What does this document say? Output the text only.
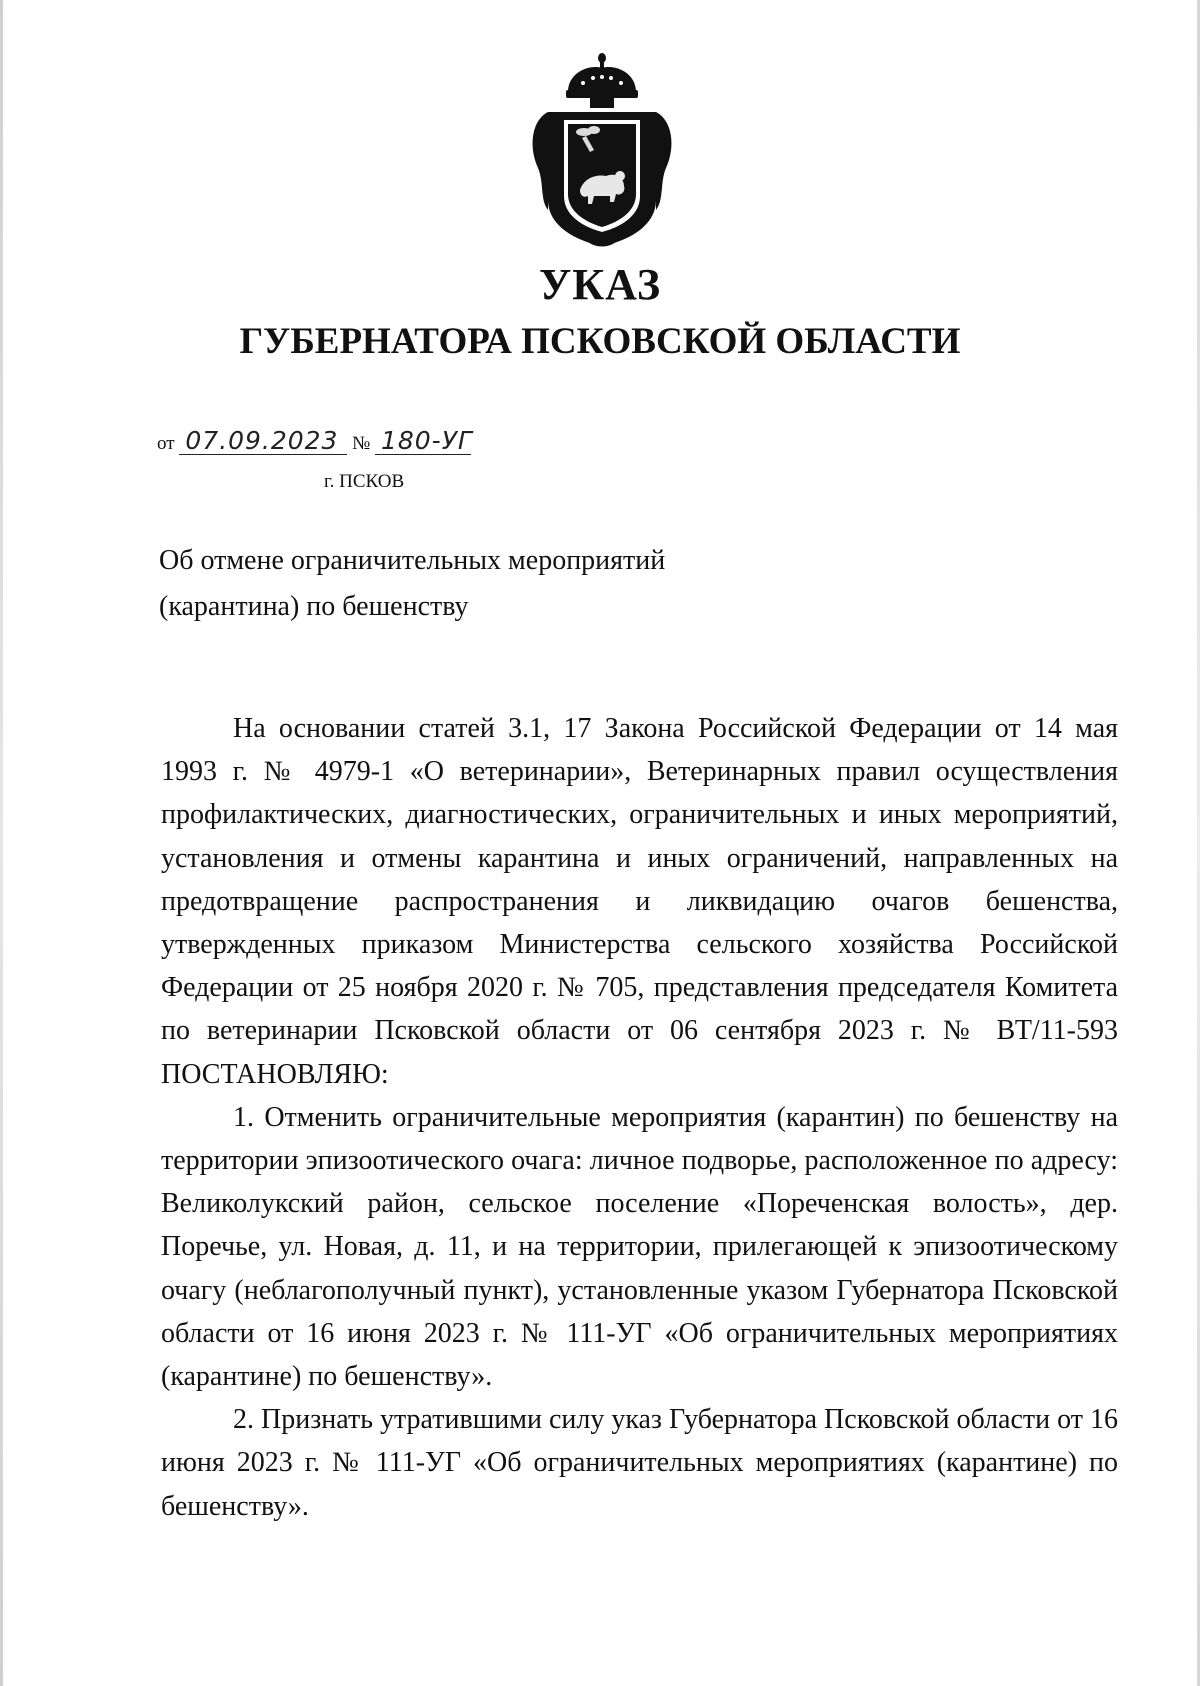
УКАЗ
ГУБЕРНАТОРА ПСКОВСКОЙ ОБЛАСТИ
от 07.09.2023 № 180-УГ
г. ПСКОВ
Об отмене ограничительных мероприятий
(карантина) по бешенству

На основании статей 3.1, 17 Закона Российской Федерации от 14 мая 1993 г. № 4979-1 «О ветеринарии», Ветеринарных правил осуществления профилактических, диагностических, ограничительных и иных мероприятий, установления и отмены карантина и иных ограничений, направленных на предотвращение распространения и ликвидацию очагов бешенства, утвержденных приказом Министерства сельского хозяйства Российской Федерации от 25 ноября 2020 г. № 705, представления председателя Комитета по ветеринарии Псковской области от 06 сентября 2023 г. № ВТ/11-593 ПОСТАНОВЛЯЮ:

1. Отменить ограничительные мероприятия (карантин) по бешенству на территории эпизоотического очага: личное подворье, расположенное по адресу: Великолукский район, сельское поселение «Пореченская волость», дер. Поречье, ул. Новая, д. 11, и на территории, прилегающей к эпизоотическому очагу (неблагополучный пункт), установленные указом Губернатора Псковской области от 16 июня 2023 г. № 111-УГ «Об ограничительных мероприятиях (карантине) по бешенству».

2. Признать утратившими силу указ Губернатора Псковской области от 16 июня 2023 г. № 111-УГ «Об ограничительных мероприятиях (карантине) по бешенству».
